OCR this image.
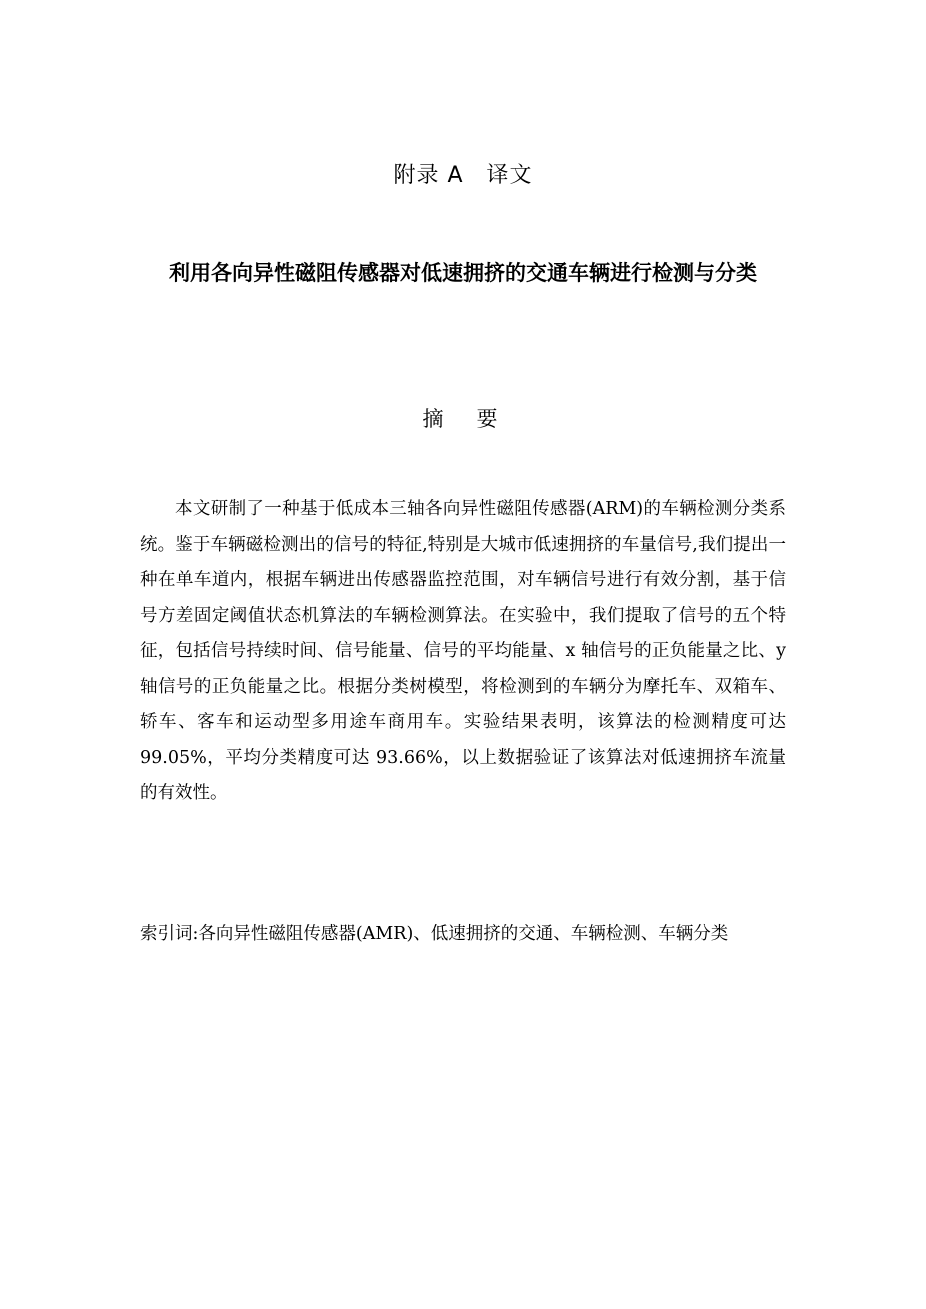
附录 A　译文
利用各向异性磁阻传感器对低速拥挤的交通车辆进行检测与分类
摘　要

本文研制了一种基于低成本三轴各向异性磁阻传感器(ARM)的车辆检测分类系统。鉴于车辆磁检测出的信号的特征,特别是大城市低速拥挤的车量信号,我们提出一种在单车道内，根据车辆进出传感器监控范围，对车辆信号进行有效分割，基于信号方差固定阈值状态机算法的车辆检测算法。在实验中，我们提取了信号的五个特征，包括信号持续时间、信号能量、信号的平均能量、x 轴信号的正负能量之比、y 轴信号的正负能量之比。根据分类树模型，将检测到的车辆分为摩托车、双箱车、轿车、客车和运动型多用途车商用车。实验结果表明，该算法的检测精度可达 99.05%，平均分类精度可达 93.66%，以上数据验证了该算法对低速拥挤车流量的有效性。

索引词:各向异性磁阻传感器(AMR)、低速拥挤的交通、车辆检测、车辆分类
